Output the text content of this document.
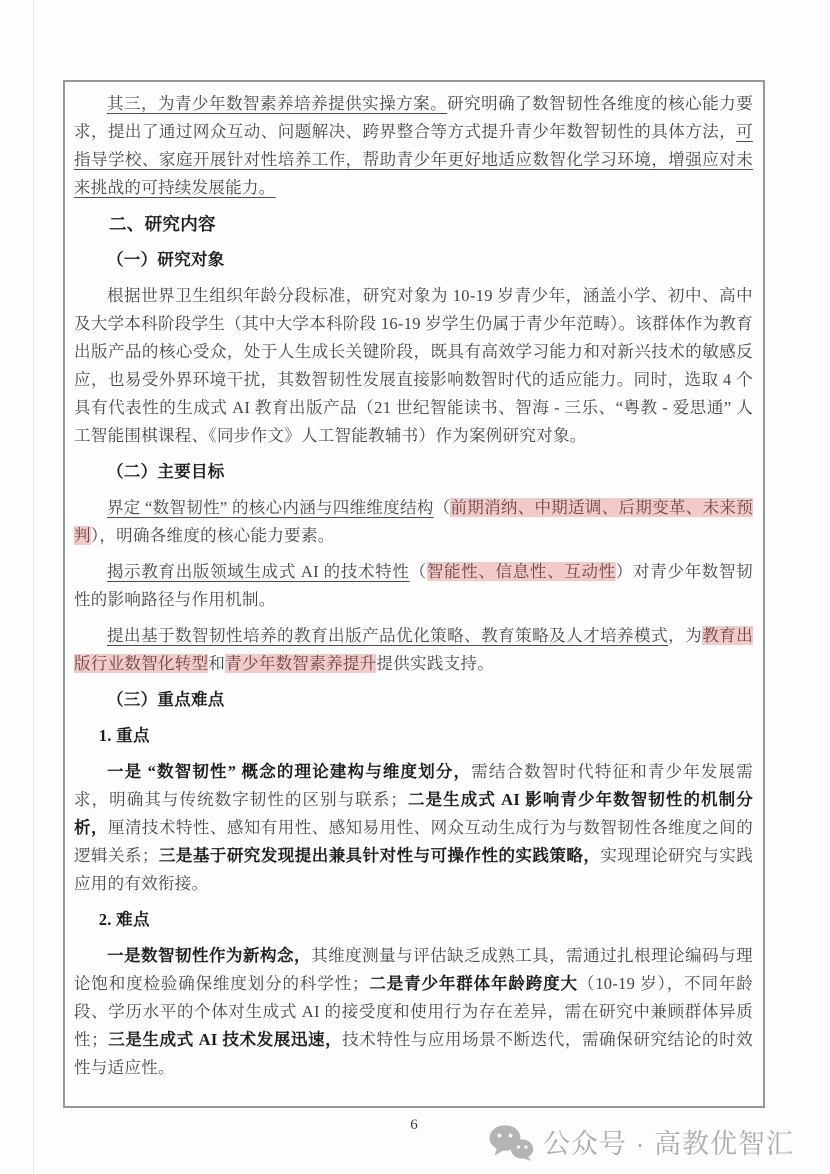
其三，为青少年数智素养培养提供实操方案。研究明确了数智韧性各维度的核心能力要求，提出了通过网众互动、问题解决、跨界整合等方式提升青少年数智韧性的具体方法，可指导学校、家庭开展针对性培养工作，帮助青少年更好地适应数智化学习环境，增强应对未来挑战的可持续发展能力。

二、研究内容

（一）研究对象

根据世界卫生组织年龄分段标准，研究对象为 10-19 岁青少年，涵盖小学、初中、高中及大学本科阶段学生（其中大学本科阶段 16-19 岁学生仍属于青少年范畴）。该群体作为教育出版产品的核心受众，处于人生成长关键阶段，既具有高效学习能力和对新兴技术的敏感反应，也易受外界环境干扰，其数智韧性发展直接影响数智时代的适应能力。同时，选取 4 个具有代表性的生成式 AI 教育出版产品（21 世纪智能读书、智海 - 三乐、“粤教 - 爱思通” 人工智能围棋课程、《同步作文》人工智能教辅书）作为案例研究对象。

（二）主要目标

界定 “数智韧性” 的核心内涵与四维维度结构（前期消纳、中期适调、后期变革、未来预判），明确各维度的核心能力要素。

揭示教育出版领域生成式 AI 的技术特性（智能性、信息性、互动性）对青少年数智韧性的影响路径与作用机制。

提出基于数智韧性培养的教育出版产品优化策略、教育策略及人才培养模式，为教育出版行业数智化转型和青少年数智素养提升提供实践支持。

（三）重点难点

1. 重点

一是 “数智韧性” 概念的理论建构与维度划分，需结合数智时代特征和青少年发展需求，明确其与传统数字韧性的区别与联系；二是生成式 AI 影响青少年数智韧性的机制分析，厘清技术特性、感知有用性、感知易用性、网众互动生成行为与数智韧性各维度之间的逻辑关系；三是基于研究发现提出兼具针对性与可操作性的实践策略，实现理论研究与实践应用的有效衔接。

2. 难点

一是数智韧性作为新构念，其维度测量与评估缺乏成熟工具，需通过扎根理论编码与理论饱和度检验确保维度划分的科学性；二是青少年群体年龄跨度大（10-19 岁），不同年龄段、学历水平的个体对生成式 AI 的接受度和使用行为存在差异，需在研究中兼顾群体异质性；三是生成式 AI 技术发展迅速，技术特性与应用场景不断迭代，需确保研究结论的时效性与适应性。

6
公众号 · 高教优智汇
